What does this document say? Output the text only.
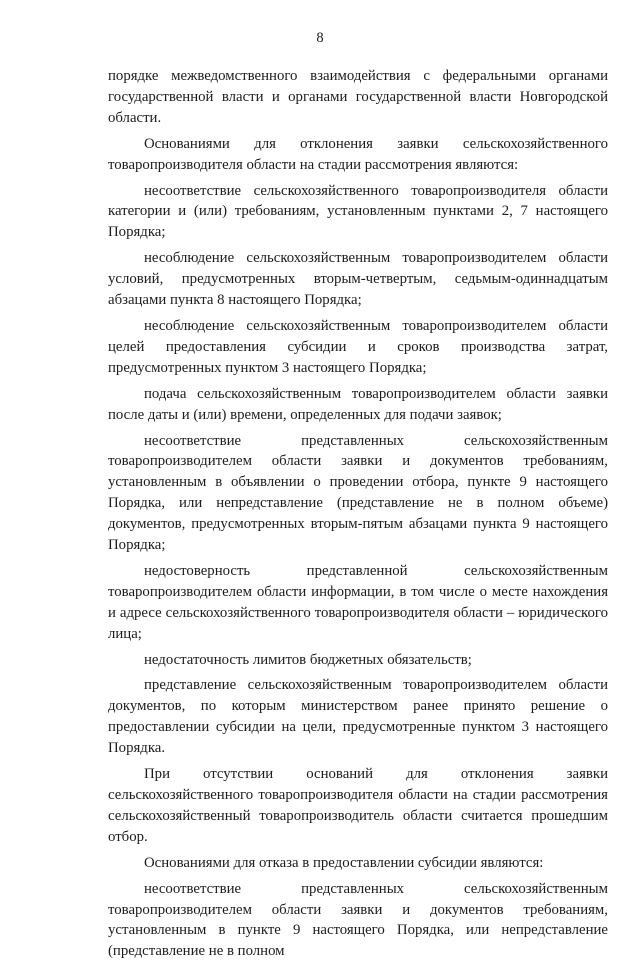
8

порядке межведомственного взаимодействия с федеральными органами государственной власти и органами государственной власти Новгородской области.

Основаниями для отклонения заявки сельскохозяйственного товаропроизводителя области на стадии рассмотрения являются:

несоответствие сельскохозяйственного товаропроизводителя области категории и (или) требованиям, установленным пунктами 2, 7 настоящего Порядка;

несоблюдение сельскохозяйственным товаропроизводителем области условий, предусмотренных вторым-четвертым, седьмым-одиннадцатым абзацами пункта 8 настоящего Порядка;

несоблюдение сельскохозяйственным товаропроизводителем области целей предоставления субсидии и сроков производства затрат, предусмотренных пунктом 3 настоящего Порядка;

подача сельскохозяйственным товаропроизводителем области заявки после даты и (или) времени, определенных для подачи заявок;

несоответствие представленных сельскохозяйственным товаропроизводителем области заявки и документов требованиям, установленным в объявлении о проведении отбора, пункте 9 настоящего Порядка, или непредставление (представление не в полном объеме) документов, предусмотренных вторым-пятым абзацами пункта 9 настоящего Порядка;

недостоверность представленной сельскохозяйственным товаропроизводителем области информации, в том числе о месте нахождения и адресе сельскохозяйственного товаропроизводителя области – юридического лица;

недостаточность лимитов бюджетных обязательств;

представление сельскохозяйственным товаропроизводителем области документов, по которым министерством ранее принято решение о предоставлении субсидии на цели, предусмотренные пунктом 3 настоящего Порядка.

При отсутствии оснований для отклонения заявки сельскохозяйственного товаропроизводителя области на стадии рассмотрения сельскохозяйственный товаропроизводитель области считается прошедшим отбор.

Основаниями для отказа в предоставлении субсидии являются:

несоответствие представленных сельскохозяйственным товаропроизводителем области заявки и документов требованиям, установленным в пункте 9 настоящего Порядка, или непредставление (представление не в полном
